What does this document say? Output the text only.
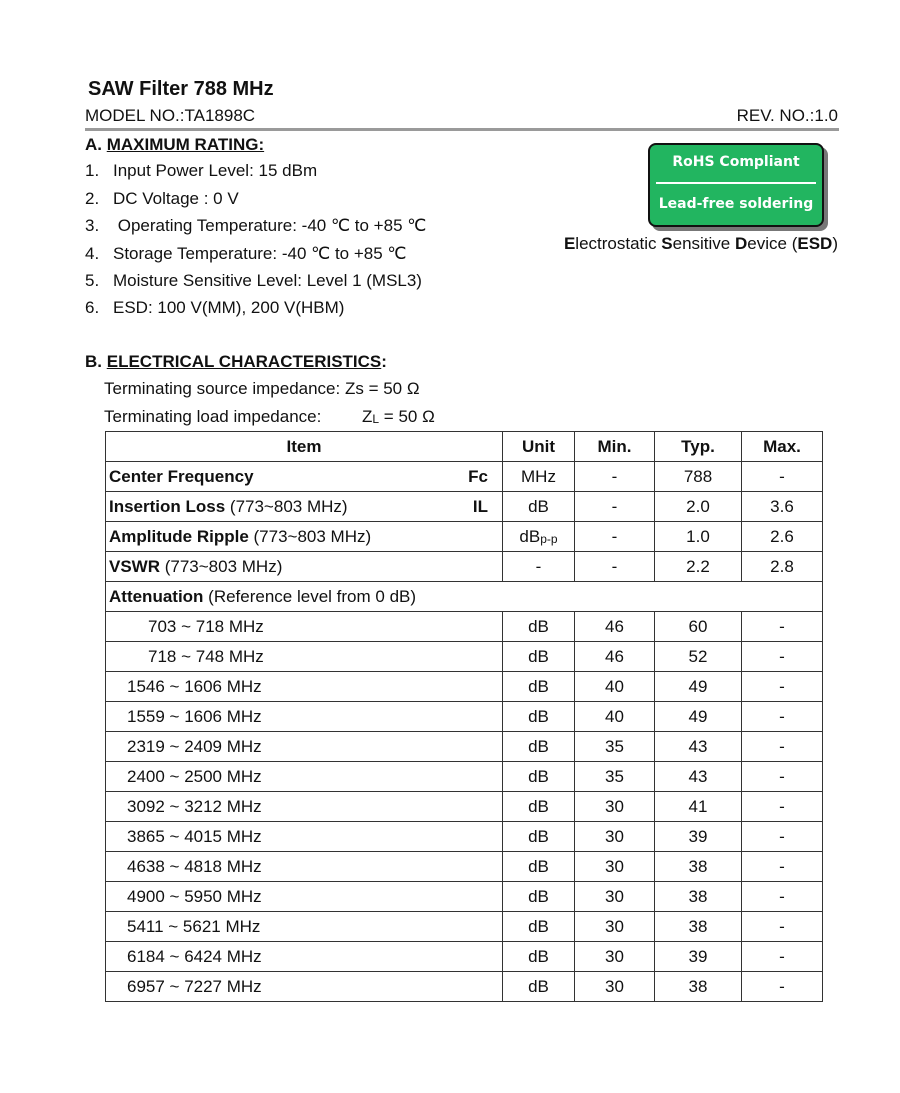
SAW Filter 788 MHz
MODEL NO.:TA1898C	REV. NO.:1.0
A. MAXIMUM RATING:
1. Input Power Level: 15 dBm
2. DC Voltage : 0 V
3. Operating Temperature: -40 ℃ to +85 ℃
4. Storage Temperature: -40 ℃ to +85 ℃
5. Moisture Sensitive Level: Level 1 (MSL3)
6. ESD: 100 V(MM), 200 V(HBM)
RoHS Compliant
Lead-free soldering
Electrostatic Sensitive Device (ESD)
B. ELECTRICAL CHARACTERISTICS:
Terminating source impedance: Zs = 50 Ω
Terminating load impedance: $Z_L = 50$ Ω
Item	Unit	Min.	Typ.	Max.
Center Frequency Fc	MHz	-	788	-
Insertion Loss (773~803 MHz) IL	dB	-	2.0	3.6
Amplitude Ripple (773~803 MHz)	$dB_{p-p}$	-	1.0	2.6
VSWR (773~803 MHz)	-	-	2.2	2.8
Attenuation (Reference level from 0 dB)				
703 ~ 718 MHz	dB	46	60	-
718 ~ 748 MHz	dB	46	52	-
1546 ~ 1606 MHz	dB	40	49	-
1559 ~ 1606 MHz	dB	40	49	-
2319 ~ 2409 MHz	dB	35	43	-
2400 ~ 2500 MHz	dB	35	43	-
3092 ~ 3212 MHz	dB	30	41	-
3865 ~ 4015 MHz	dB	30	39	-
4638 ~ 4818 MHz	dB	30	38	-
4900 ~ 5950 MHz	dB	30	38	-
5411 ~ 5621 MHz	dB	30	38	-
6184 ~ 6424 MHz	dB	30	39	-
6957 ~ 7227 MHz	dB	30	38	-
